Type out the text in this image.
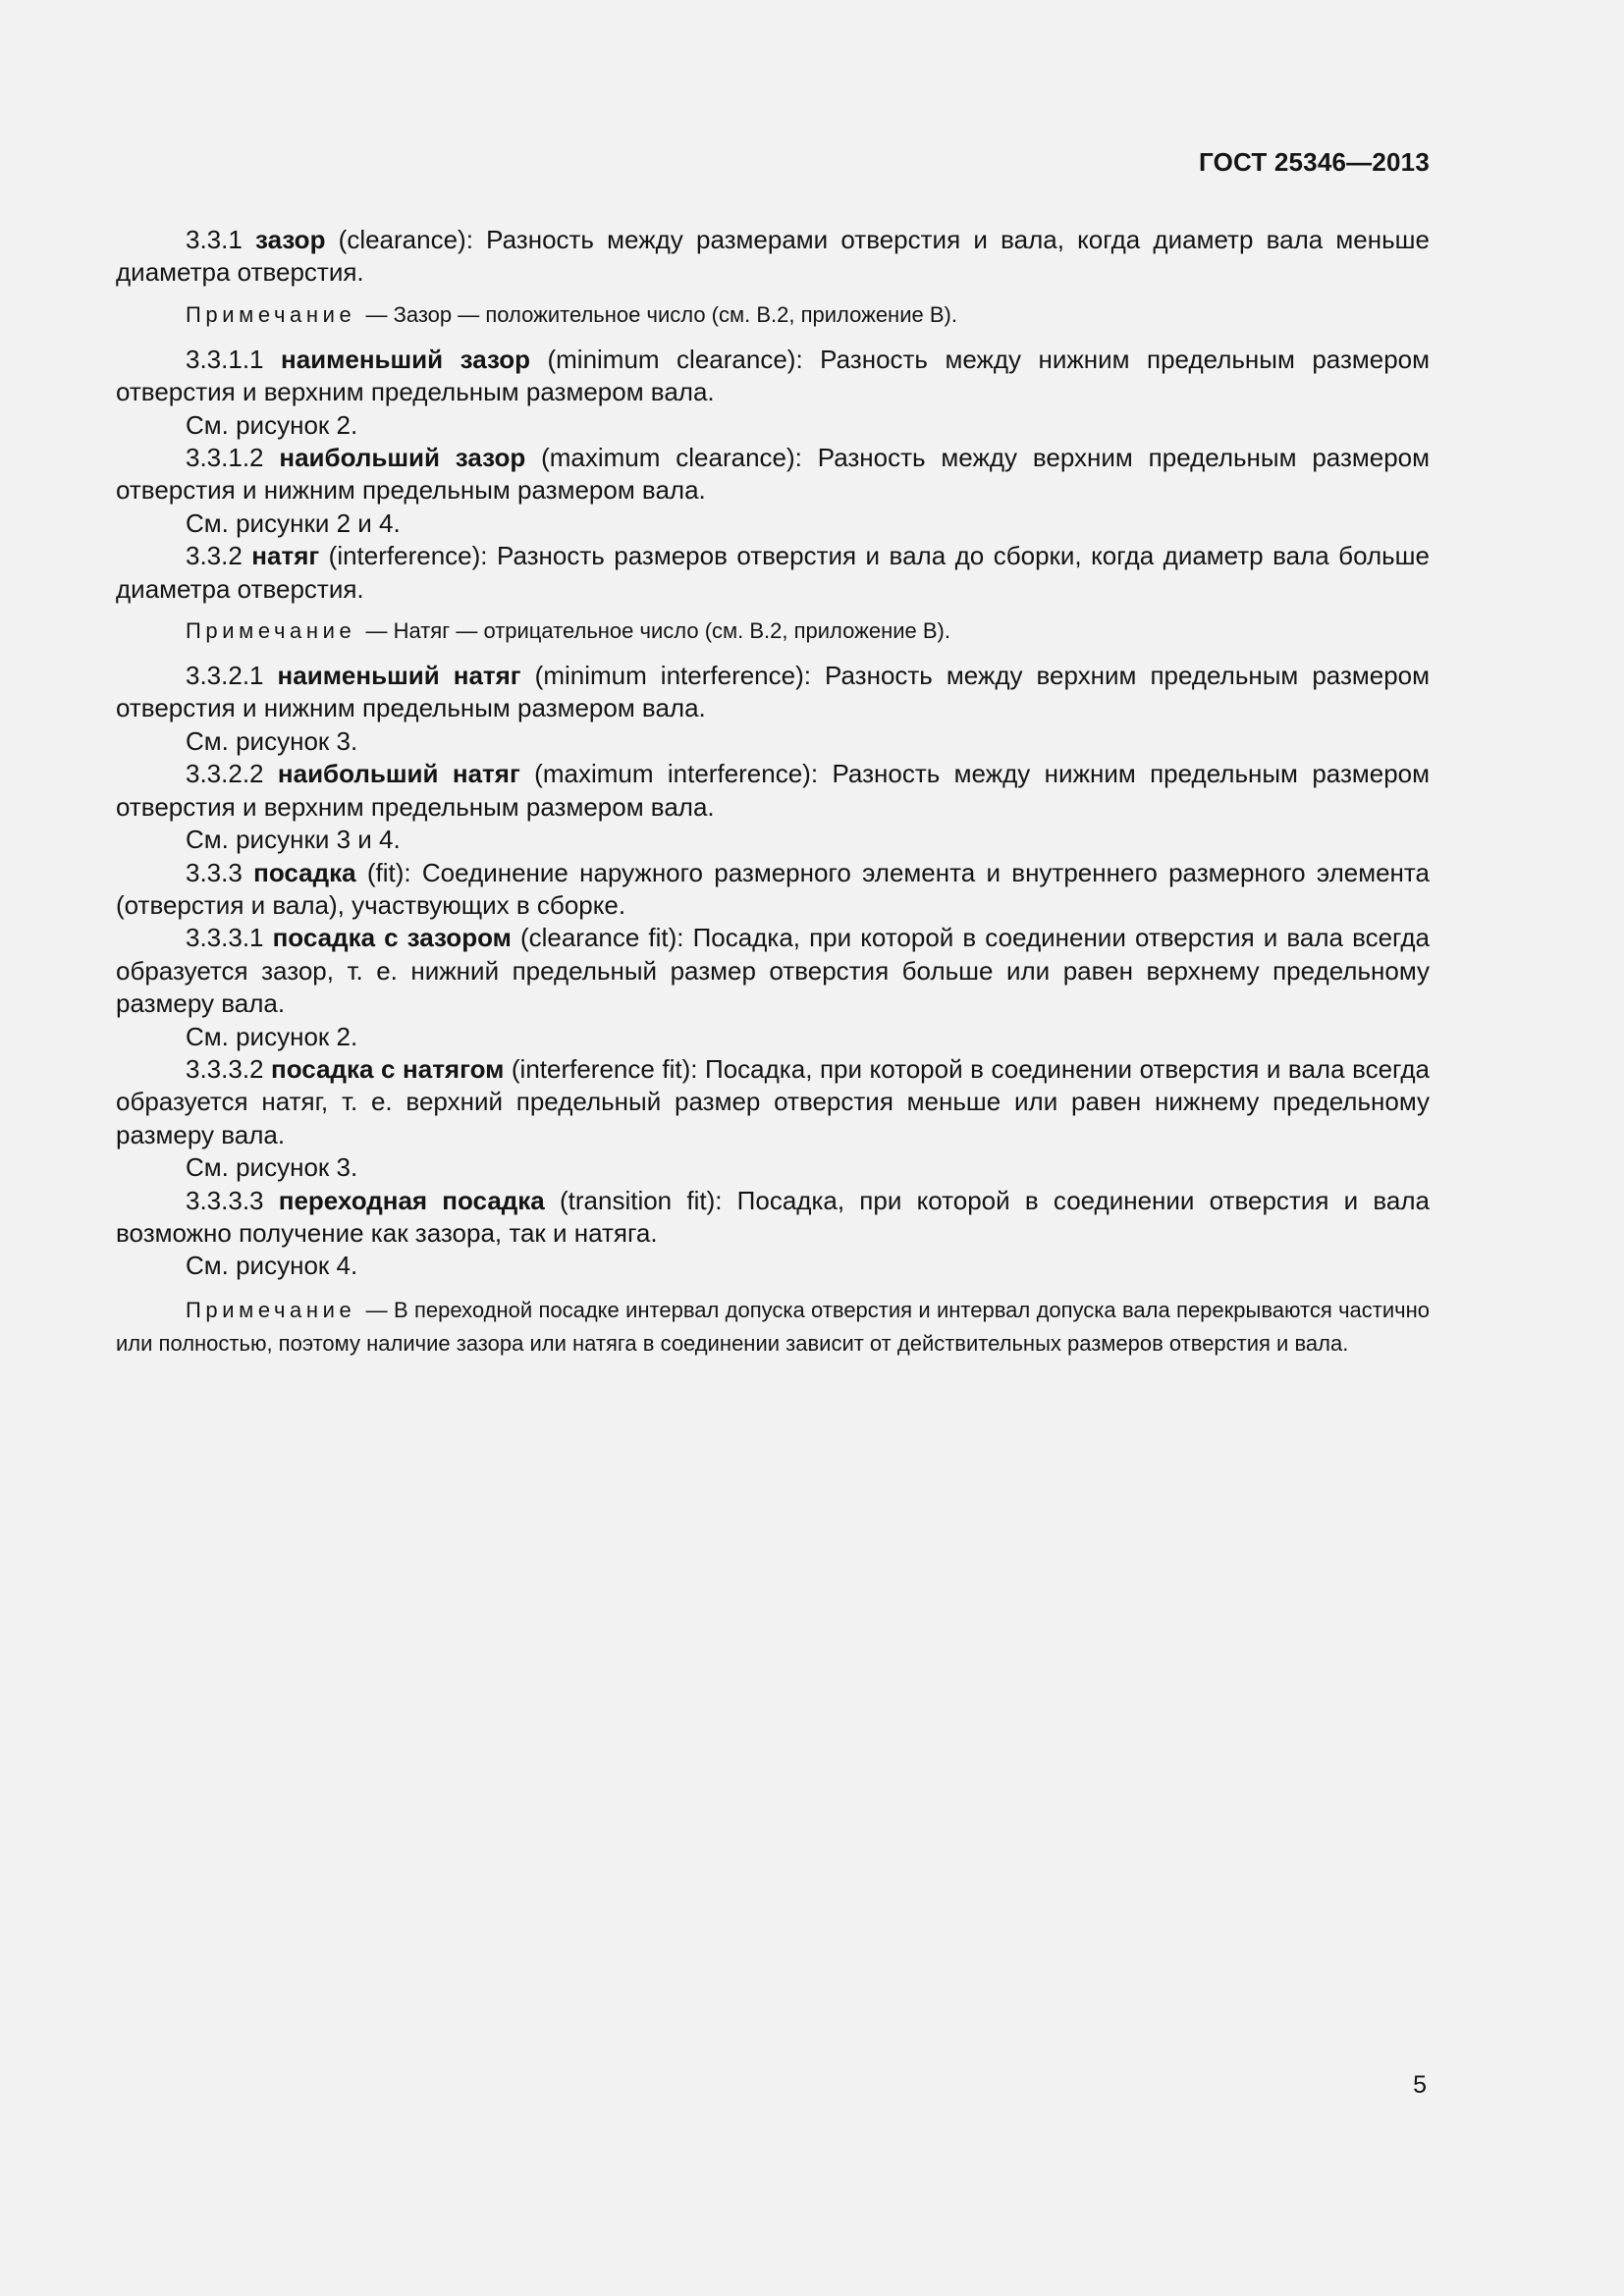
ГОСТ 25346—2013

3.3.1 зазор (clearance): Разность между размерами отверстия и вала, когда диаметр вала меньше диаметра отверстия.

Примечание — Зазор — положительное число (см. В.2, приложение В).

3.3.1.1 наименьший зазор (minimum clearance): Разность между нижним предельным размером отверстия и верхним предельным размером вала.

См. рисунок 2.

3.3.1.2 наибольший зазор (maximum clearance): Разность между верхним предельным размером отверстия и нижним предельным размером вала.

См. рисунки 2 и 4.

3.3.2 натяг (interference): Разность размеров отверстия и вала до сборки, когда диаметр вала больше диаметра отверстия.

Примечание — Натяг — отрицательное число (см. В.2, приложение В).

3.3.2.1 наименьший натяг (minimum interference): Разность между верхним предельным размером отверстия и нижним предельным размером вала.

См. рисунок 3.

3.3.2.2 наибольший натяг (maximum interference): Разность между нижним предельным размером отверстия и верхним предельным размером вала.

См. рисунки 3 и 4.

3.3.3 посадка (fit): Соединение наружного размерного элемента и внутреннего размерного элемента (отверстия и вала), участвующих в сборке.

3.3.3.1 посадка с зазором (clearance fit): Посадка, при которой в соединении отверстия и вала всегда образуется зазор, т. е. нижний предельный размер отверстия больше или равен верхнему предельному размеру вала.

См. рисунок 2.

3.3.3.2 посадка с натягом (interference fit): Посадка, при которой в соединении отверстия и вала всегда образуется натяг, т. е. верхний предельный размер отверстия меньше или равен нижнему предельному размеру вала.

См. рисунок 3.

3.3.3.3 переходная посадка (transition fit): Посадка, при которой в соединении отверстия и вала возможно получение как зазора, так и натяга.

См. рисунок 4.

Примечание — В переходной посадке интервал допуска отверстия и интервал допуска вала перекрываются частично или полностью, поэтому наличие зазора или натяга в соединении зависит от действительных размеров отверстия и вала.

5
